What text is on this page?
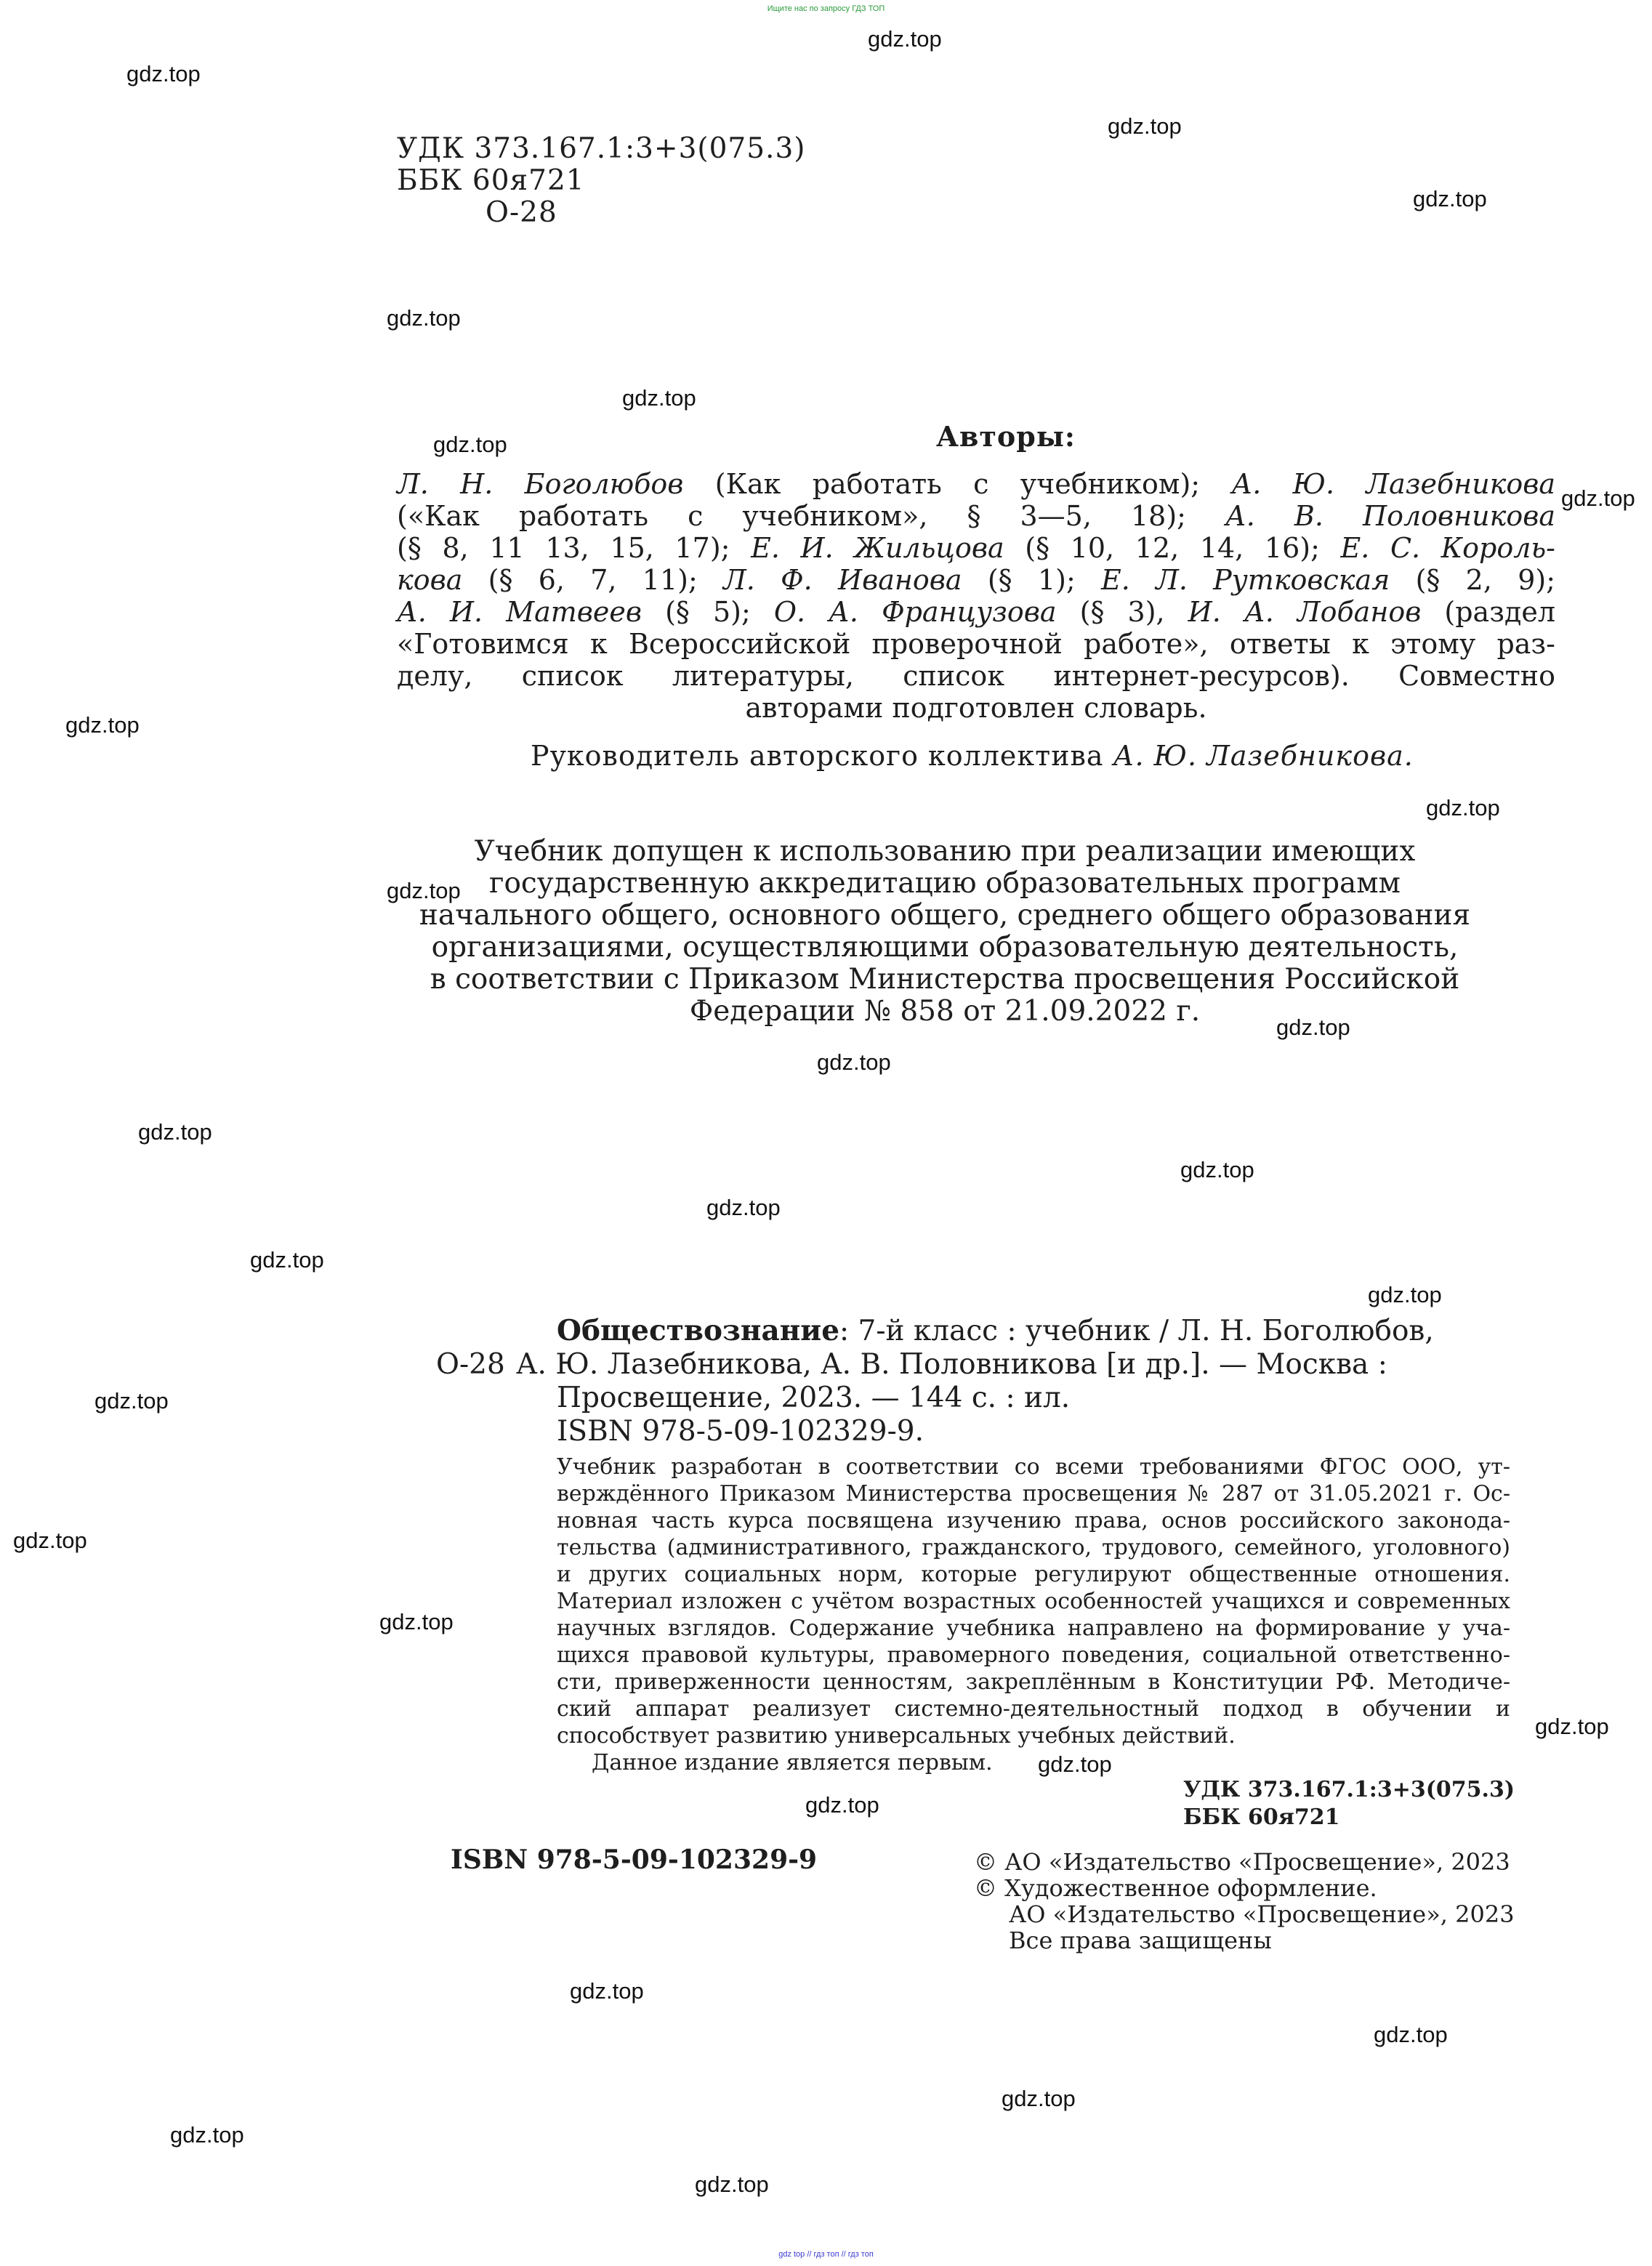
Ищите нас по запросу ГДЗ ТОП
gdz.top
gdz.top
gdz.top
gdz.top
gdz.top
gdz.top
gdz.top
gdz.top
gdz.top
gdz.top
gdz.top
gdz.top
gdz.top
gdz.top
gdz.top
gdz.top
gdz.top
gdz.top
gdz.top
gdz.top
gdz.top
gdz.top
gdz.top
gdz.top
gdz.top
gdz.top
gdz.top
gdz.top
gdz.top
УДК 373.167.1:3+3(075.3)
ББК 60я721
О-28
Авторы:
Л. Н. Боголюбов (Как работать с учебником); А. Ю. Лазебникова
(«Как работать с учебником», § 3—5, 18); А. В. Половникова
(§ 8, 11 13, 15, 17); Е. И. Жильцова (§ 10, 12, 14, 16); Е. С. Король-
кова (§ 6, 7, 11); Л. Ф. Иванова (§ 1); Е. Л. Рутковская (§ 2, 9);
А. И. Матвеев (§ 5); О. А. Французова (§ 3), И. А. Лобанов (раздел
«Готовимся к Всероссийской проверочной работе», ответы к этому раз-
делу, список литературы, список интернет-ресурсов). Совместно
авторами подготовлен словарь.
Руководитель авторского коллектива А. Ю. Лазебникова.
Учебник допущен к использованию при реализации имеющих
государственную аккредитацию образовательных программ
начального общего, основного общего, среднего общего образования
организациями, осуществляющими образовательную деятельность,
в соответствии с Приказом Министерства просвещения Российской
Федерации № 858 от 21.09.2022 г.
Обществознание: 7-й класс : учебник / Л. Н. Боголюбов,
О-28 А. Ю. Лазебникова, А. В. Половникова [и др.]. — Москва :
Просвещение, 2023. — 144 с. : ил.
ISBN 978-5-09-102329-9.
Учебник разработан в соответствии со всеми требованиями ФГОС ООО, ут-
верждённого Приказом Министерства просвещения № 287 от 31.05.2021 г. Ос-
новная часть курса посвящена изучению права, основ российского законода-
тельства (административного, гражданского, трудового, семейного, уголовного)
и других социальных норм, которые регулируют общественные отношения.
Материал изложен с учётом возрастных особенностей учащихся и современных
научных взглядов. Содержание учебника направлено на формирование у уча-
щихся правовой культуры, правомерного поведения, социальной ответственно-
сти, приверженности ценностям, закреплённым в Конституции РФ. Методиче-
ский аппарат реализует системно-деятельностный подход в обучении и
способствует развитию универсальных учебных действий.
Данное издание является первым.
УДК 373.167.1:3+3(075.3)
ББК 60я721
ISBN 978-5-09-102329-9	© АО «Издательство «Просвещение», 2023
© Художественное оформление.
АО «Издательство «Просвещение», 2023
Все права защищены
gdz top // гдз топ // гдз топ
